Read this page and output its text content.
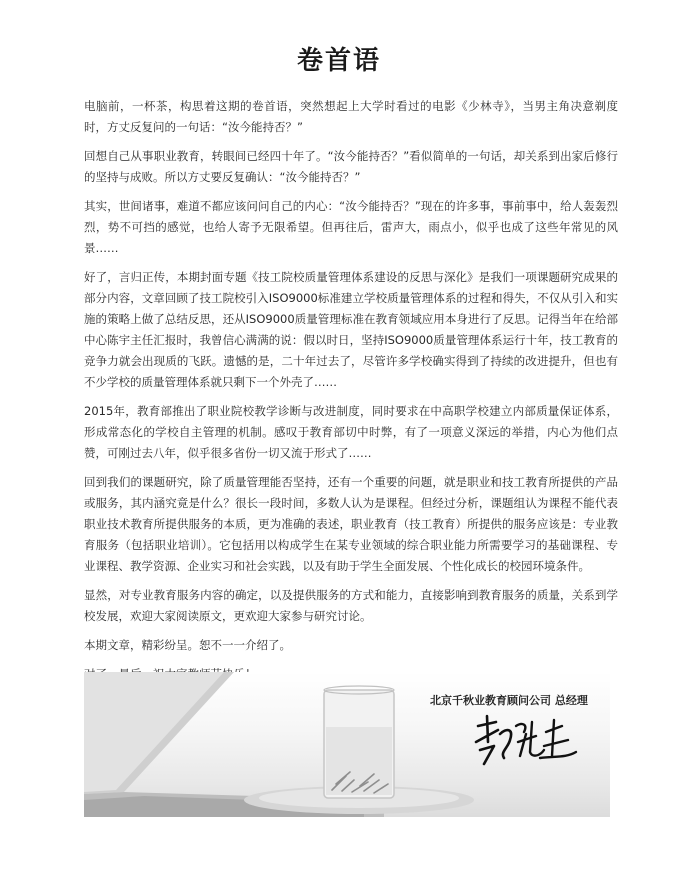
卷首语

电脑前，一杯茶，构思着这期的卷首语，突然想起上大学时看过的电影《少林寺》，当男主角决意剃度时，方丈反复问的一句话：“汝今能持否？”

回想自己从事职业教育，转眼间已经四十年了。“汝今能持否？”看似简单的一句话，却关系到出家后修行的坚持与成败。所以方丈要反复确认：“汝今能持否？”

其实，世间诸事，难道不都应该问问自己的内心：“汝今能持否？”现在的许多事，事前事中，给人轰轰烈烈，势不可挡的感觉，也给人寄予无限希望。但再往后，雷声大，雨点小，似乎也成了这些年常见的风景……

好了，言归正传，本期封面专题《技工院校质量管理体系建设的反思与深化》是我们一项课题研究成果的部分内容，文章回顾了技工院校引入ISO9000标准建立学校质量管理体系的过程和得失，不仅从引入和实施的策略上做了总结反思，还从ISO9000质量管理标准在教育领域应用本身进行了反思。记得当年在给部中心陈宇主任汇报时，我曾信心满满的说：假以时日，坚持ISO9000质量管理体系运行十年，技工教育的竞争力就会出现质的飞跃。遗憾的是，二十年过去了，尽管许多学校确实得到了持续的改进提升，但也有不少学校的质量管理体系就只剩下一个外壳了……

2015年，教育部推出了职业院校教学诊断与改进制度，同时要求在中高职学校建立内部质量保证体系，形成常态化的学校自主管理的机制。感叹于教育部切中时弊，有了一项意义深远的举措，内心为他们点赞，可刚过去八年，似乎很多省份一切又流于形式了……

回到我们的课题研究，除了质量管理能否坚持，还有一个重要的问题，就是职业和技工教育所提供的产品或服务，其内涵究竟是什么？很长一段时间，多数人认为是课程。但经过分析，课题组认为课程不能代表职业技术教育所提供服务的本质，更为准确的表述，职业教育（技工教育）所提供的服务应该是：专业教育服务（包括职业培训）。它包括用以构成学生在某专业领域的综合职业能力所需要学习的基础课程、专业课程、教学资源、企业实习和社会实践，以及有助于学生全面发展、个性化成长的校园环境条件。

显然，对专业教育服务内容的确定，以及提供服务的方式和能力，直接影响到教育服务的质量，关系到学校发展，欢迎大家阅读原文，更欢迎大家参与研究讨论。

本期文章，精彩纷呈。恕不一一介绍了。

北京千秋业教育顾问公司 总经理
